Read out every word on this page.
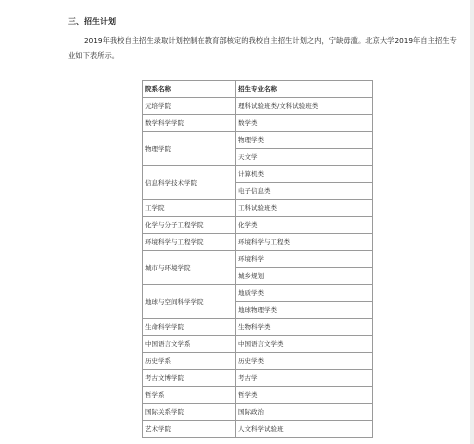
三、招生计划

2019年我校自主招生录取计划控制在教育部核定的我校自主招生计划之内，宁缺毋滥。北京大学2019年自主招生专业如下表所示。

院系名称	招生专业名称
元培学院	理科试验班类/文科试验班类
数学科学学院	数学类
物理学院	物理学类
	天文学
信息科学技术学院	计算机类
	电子信息类
工学院	工科试验班类
化学与分子工程学院	化学类
环境科学与工程学院	环境科学与工程类
城市与环境学院	环境科学
	城乡规划
地球与空间科学学院	地质学类
	地球物理学类
生命科学学院	生物科学类
中国语言文学系	中国语言文学类
历史学系	历史学类
考古文博学院	考古学
哲学系	哲学类
国际关系学院	国际政治
艺术学院	人文科学试验班
